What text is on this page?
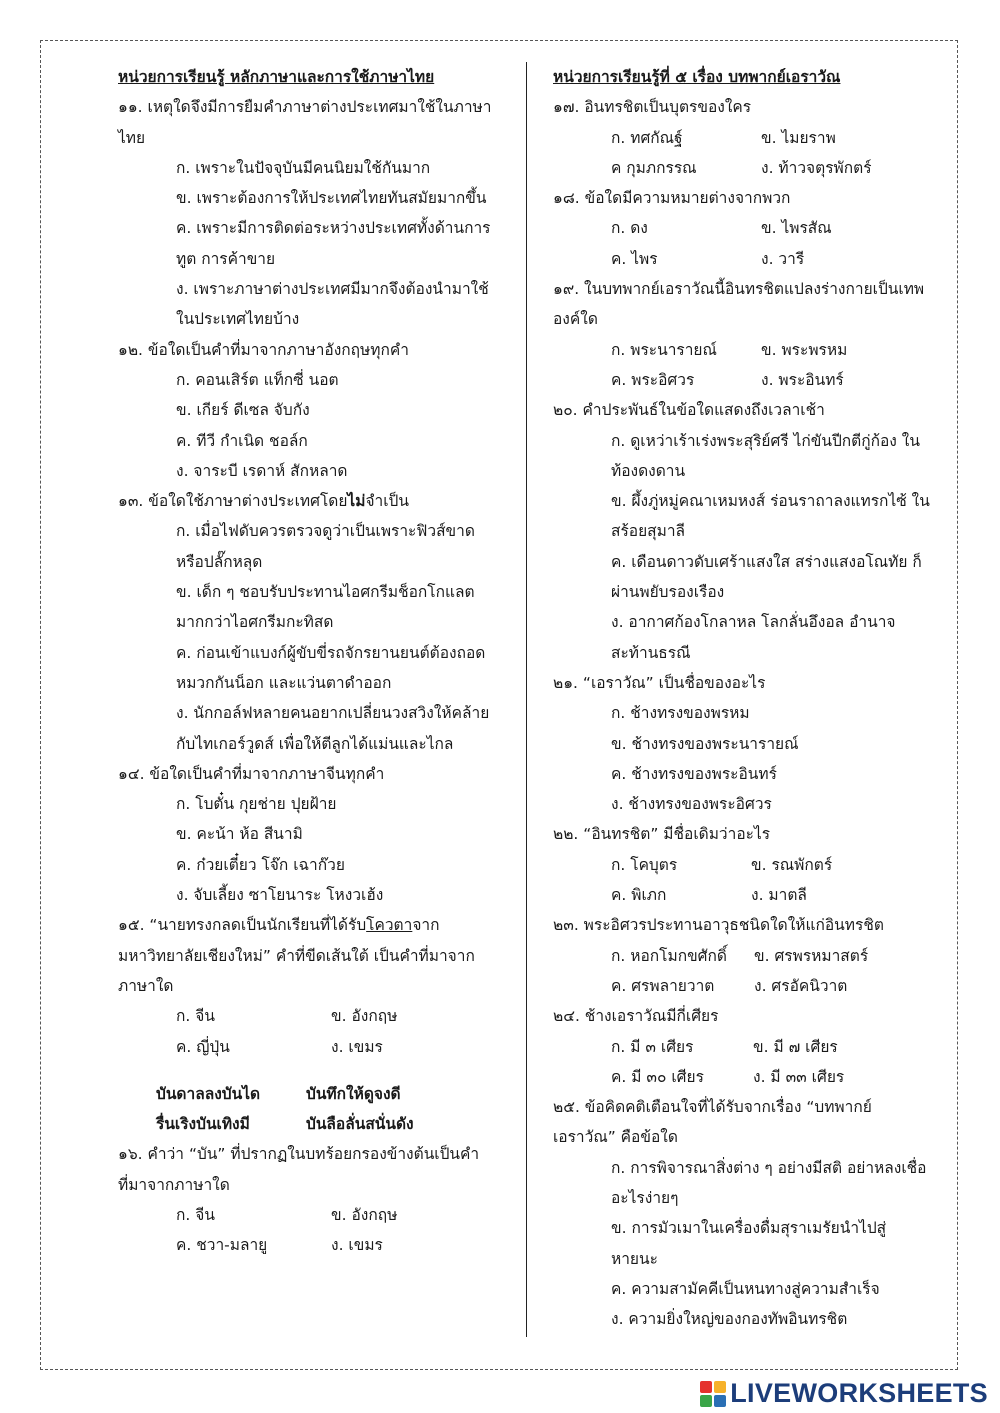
หน่วยการเรียนรู้ หลักภาษาและการใช้ภาษาไทย

๑๑. เหตุใดจึงมีการยืมคำภาษาต่างประเทศมาใช้ในภาษาไทย

ก. เพราะในปัจจุบันมีคนนิยมใช้กันมาก

ข. เพราะต้องการให้ประเทศไทยทันสมัยมากขึ้น

ค. เพราะมีการติดต่อระหว่างประเทศทั้งด้านการทูต การค้าขาย

ง. เพราะภาษาต่างประเทศมีมากจึงต้องนำมาใช้ในประเทศไทยบ้าง

๑๒. ข้อใดเป็นคำที่มาจากภาษาอังกฤษทุกคำ

ก. คอนเสิร์ต แท็กซี่ นอต

ข. เกียร์ ดีเซล จับกัง

ค. ทีวี กำเนิด ชอล์ก

ง. จาระบี เรดาห์ สักหลาด

๑๓. ข้อใดใช้ภาษาต่างประเทศโดยไม่จำเป็น

ก. เมื่อไฟดับควรตรวจดูว่าเป็นเพราะฟิวส์ขาดหรือปลั๊กหลุด

ข. เด็ก ๆ ชอบรับประทานไอศกรีมช็อกโกแลตมากกว่าไอศกรีมกะทิสด

ค. ก่อนเข้าแบงก์ผู้ขับขี่รถจักรยานยนต์ต้องถอดหมวกกันน็อก และแว่นตาดำออก

ง. นักกอล์ฟหลายคนอยากเปลี่ยนวงสวิงให้คล้ายกับไทเกอร์วูดส์ เพื่อให้ตีลูกได้แม่นและไกล

๑๔. ข้อใดเป็นคำที่มาจากภาษาจีนทุกคำ

ก. โบตั๋น กุยช่าย ปุยฝ้าย

ข. คะน้า ห้อ สีนามิ

ค. ก๋วยเตี๋ยว โจ๊ก เฉาก๊วย

ง. จับเลี้ยง ซาโยนาระ โหงวเฮ้ง

๑๕. “นายทรงกลดเป็นนักเรียนที่ได้รับโควตาจากมหาวิทยาลัยเชียงใหม่” คำที่ขีดเส้นใต้ เป็นคำที่มาจากภาษาใด

ก. จีน	ข. อังกฤษ
ค. ญี่ปุ่น	ง. เขมร
บันดาลลงบันได	บันทึกให้ดูจงดี
รื่นเริงบันเทิงมี	บันลือลั่นสนั่นดัง

๑๖. คำว่า “บัน” ที่ปรากฏในบทร้อยกรองข้างต้นเป็นคำที่มาจากภาษาใด

ก. จีน	ข. อังกฤษ
ค. ชวา-มลายู	ง. เขมร
หน่วยการเรียนรู้ที่ ๕ เรื่อง บทพากย์เอราวัณ

๑๗. อินทรชิตเป็นบุตรของใคร

ก. ทศกัณฐ์	ข. ไมยราพ
ค กุมภกรรณ	ง. ท้าวจตุรพักตร์

๑๘. ข้อใดมีความหมายต่างจากพวก

ก. ดง	ข. ไพรสัณ
ค. ไพร	ง. วารี

๑๙. ในบทพากย์เอราวัณนี้อินทรชิตแปลงร่างกายเป็นเทพองค์ใด

ก. พระนารายณ์	ข. พระพรหม
ค. พระอิศวร	ง. พระอินทร์

๒๐. คำประพันธ์ในข้อใดแสดงถึงเวลาเช้า

ก. ดูเหว่าเร้าเร่งพระสุริย์ศรี ไก่ขันปีกตีกู่ก้อง ในท้องดงดาน

ข. ผึ้งภู่หมู่คณาเหมหงส์ ร่อนราถาลงแทรกไซ้ ในสร้อยสุมาลี

ค. เดือนดาวดับเศร้าแสงใส สร่างแสงอโณทัย ก็ผ่านพยับรองเรือง

ง. อากาศก้องโกลาหล โลกลั่นอึงอล อำนาจสะท้านธรณี

๒๑. “เอราวัณ” เป็นชื่อของอะไร

ก. ช้างทรงของพรหม

ข. ช้างทรงของพระนารายณ์

ค. ช้างทรงของพระอินทร์

ง. ช้างทรงของพระอิศวร

๒๒. “อินทรชิต” มีชื่อเดิมว่าอะไร

ก. โคบุตร	ข. รณพักตร์
ค. พิเภก	ง. มาตลี

๒๓. พระอิศวรประทานอาวุธชนิดใดให้แก่อินทรชิต

ก. หอกโมกขศักดิ์	ข. ศรพรหมาสตร์
ค. ศรพลายวาต	ง. ศรอัคนิวาต

๒๔. ช้างเอราวัณมีกี่เศียร

ก. มี ๓ เศียร	ข. มี ๗ เศียร
ค. มี ๓๐ เศียร	ง. มี ๓๓ เศียร

๒๕. ข้อคิดคติเตือนใจที่ได้รับจากเรื่อง “บทพากย์เอราวัณ” คือข้อใด

ก. การพิจารณาสิ่งต่าง ๆ อย่างมีสติ อย่าหลงเชื่ออะไรง่ายๆ

ข. การมัวเมาในเครื่องดื่มสุราเมรัยนำไปสู่หายนะ

ค. ความสามัคคีเป็นหนทางสู่ความสำเร็จ

ง. ความยิ่งใหญ่ของกองทัพอินทรชิต

LIVEWORKSHEETS
